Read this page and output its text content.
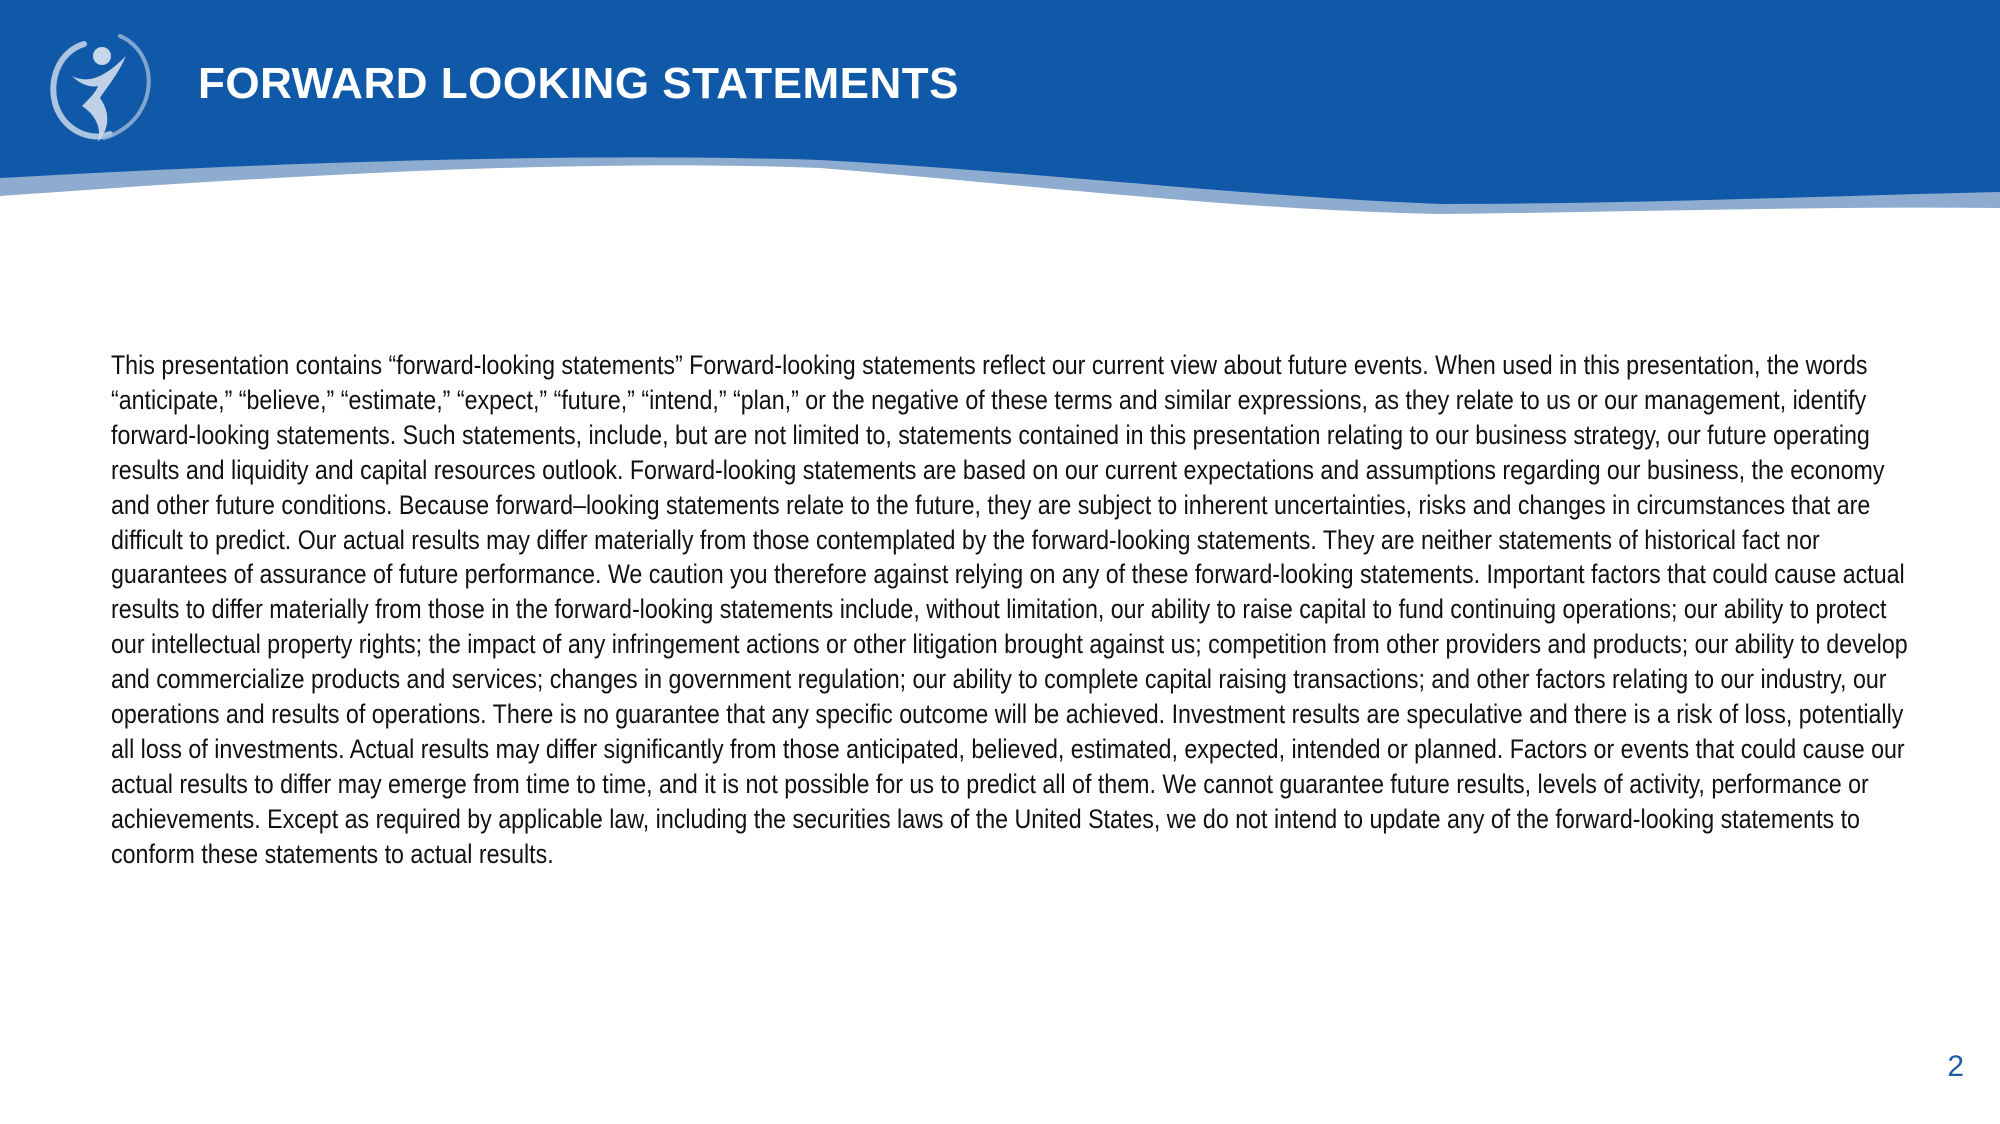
FORWARD LOOKING STATEMENTS

This presentation contains “forward-looking statements” Forward-looking statements reflect our current view about future events. When used in this presentation, the words “anticipate,” “believe,” “estimate,” “expect,” “future,” “intend,” “plan,” or the negative of these terms and similar expressions, as they relate to us or our management, identify forward-looking statements. Such statements, include, but are not limited to, statements contained in this presentation relating to our business strategy, our future operating results and liquidity and capital resources outlook. Forward-looking statements are based on our current expectations and assumptions regarding our business, the economy and other future conditions. Because forward–looking statements relate to the future, they are subject to inherent uncertainties, risks and changes in circumstances that are difficult to predict. Our actual results may differ materially from those contemplated by the forward-looking statements. They are neither statements of historical fact nor guarantees of assurance of future performance. We caution you therefore against relying on any of these forward-looking statements. Important factors that could cause actual results to differ materially from those in the forward-looking statements include, without limitation, our ability to raise capital to fund continuing operations; our ability to protect our intellectual property rights; the impact of any infringement actions or other litigation brought against us; competition from other providers and products; our ability to develop and commercialize products and services; changes in government regulation; our ability to complete capital raising transactions; and other factors relating to our industry, our operations and results of operations. There is no guarantee that any specific outcome will be achieved. Investment results are speculative and there is a risk of loss, potentially all loss of investments. Actual results may differ significantly from those anticipated, believed, estimated, expected, intended or planned. Factors or events that could cause our actual results to differ may emerge from time to time, and it is not possible for us to predict all of them. We cannot guarantee future results, levels of activity, performance or achievements. Except as required by applicable law, including the securities laws of the United States, we do not intend to update any of the forward-looking statements to conform these statements to actual results.

2
